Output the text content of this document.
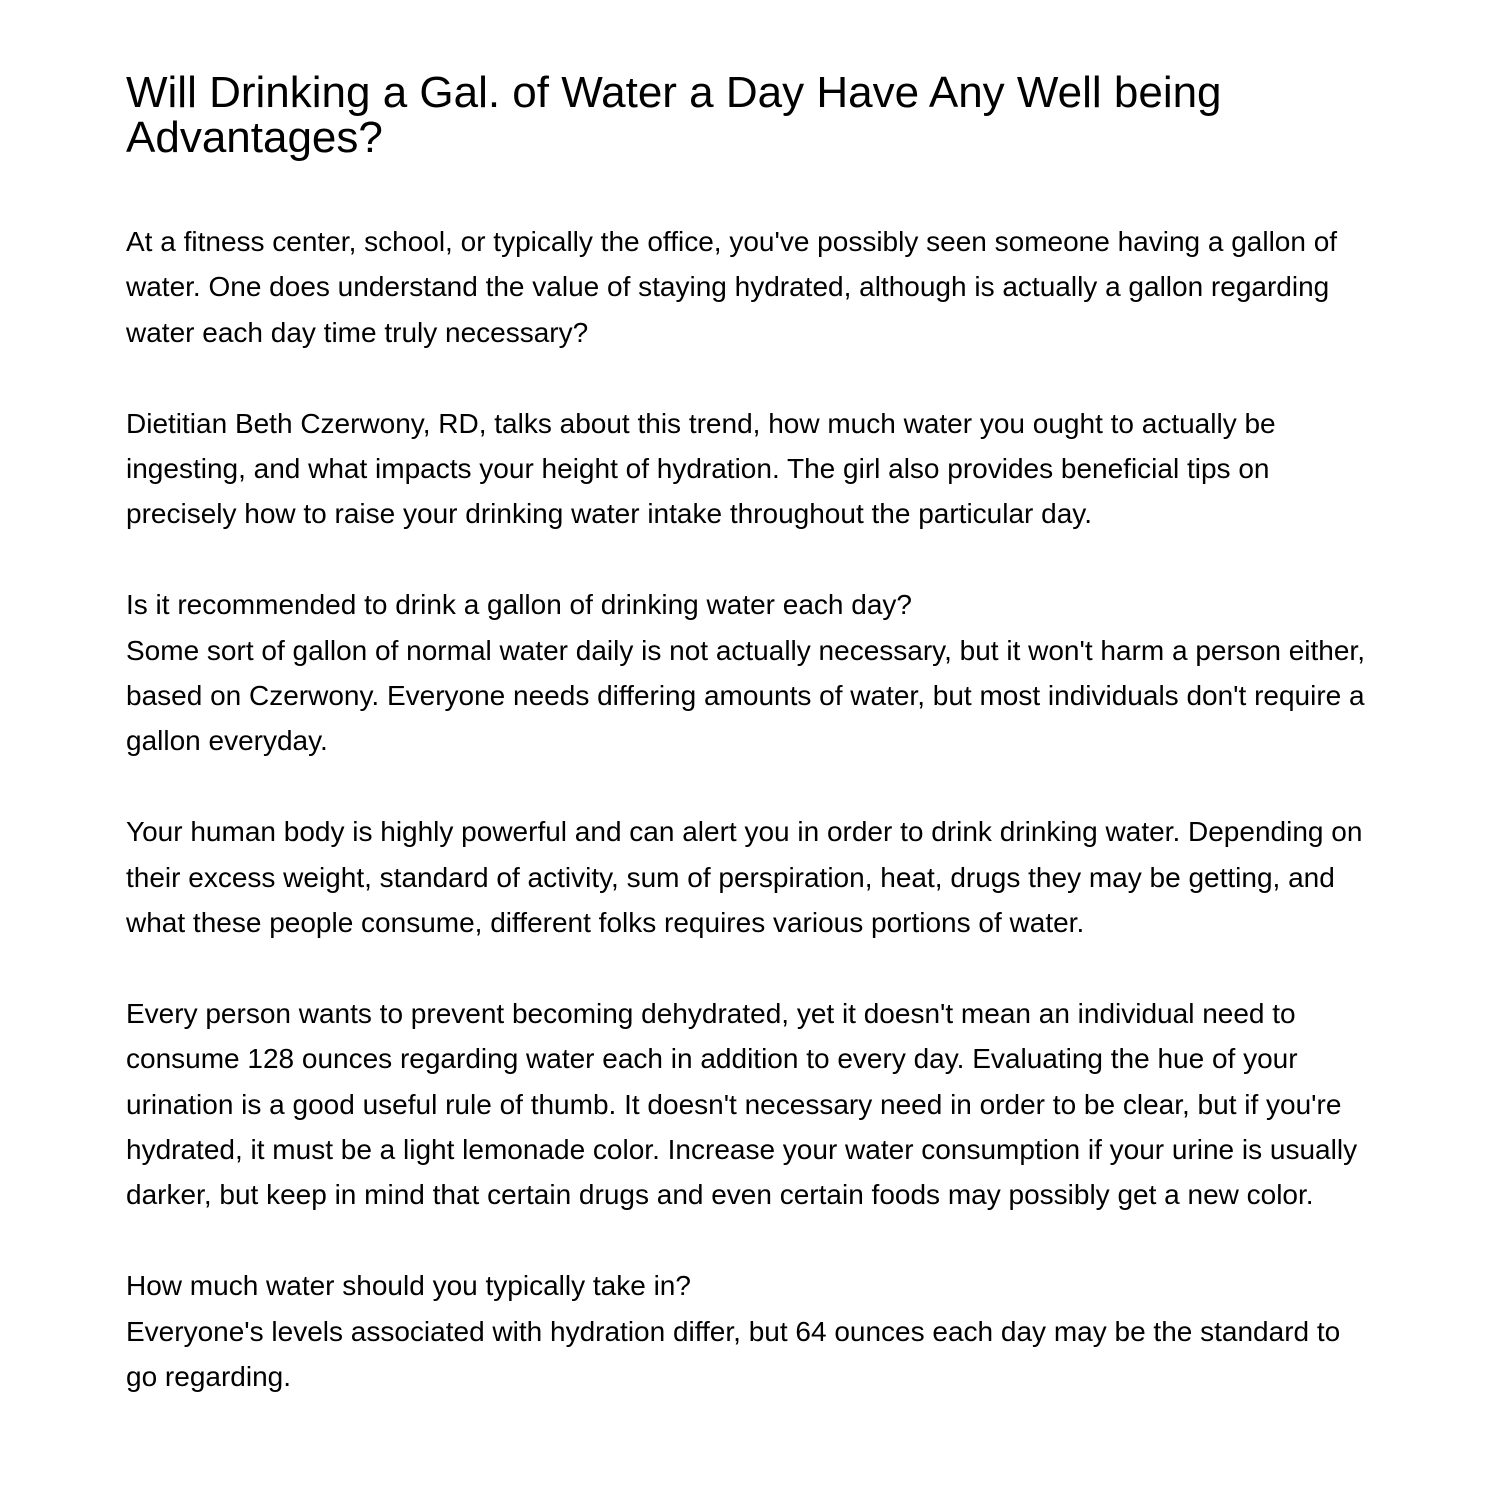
Will Drinking a Gal. of Water a Day Have Any Well being Advantages?

At a fitness center, school, or typically the office, you've possibly seen someone having a gallon of water. One does understand the value of staying hydrated, although is actually a gallon regarding water each day time truly necessary?

Dietitian Beth Czerwony, RD, talks about this trend, how much water you ought to actually be ingesting, and what impacts your height of hydration. The girl also provides beneficial tips on precisely how to raise your drinking water intake throughout the particular day.

Is it recommended to drink a gallon of drinking water each day?

Some sort of gallon of normal water daily is not actually necessary, but it won't harm a person either, based on Czerwony. Everyone needs differing amounts of water, but most individuals don't require a gallon everyday.

Your human body is highly powerful and can alert you in order to drink drinking water. Depending on their excess weight, standard of activity, sum of perspiration, heat, drugs they may be getting, and what these people consume, different folks requires various portions of water.

Every person wants to prevent becoming dehydrated, yet it doesn't mean an individual need to consume 128 ounces regarding water each in addition to every day. Evaluating the hue of your urination is a good useful rule of thumb. It doesn't necessary need in order to be clear, but if you're hydrated, it must be a light lemonade color. Increase your water consumption if your urine is usually darker, but keep in mind that certain drugs and even certain foods may possibly get a new color.

How much water should you typically take in?

Everyone's levels associated with hydration differ, but 64 ounces each day may be the standard to go regarding.
